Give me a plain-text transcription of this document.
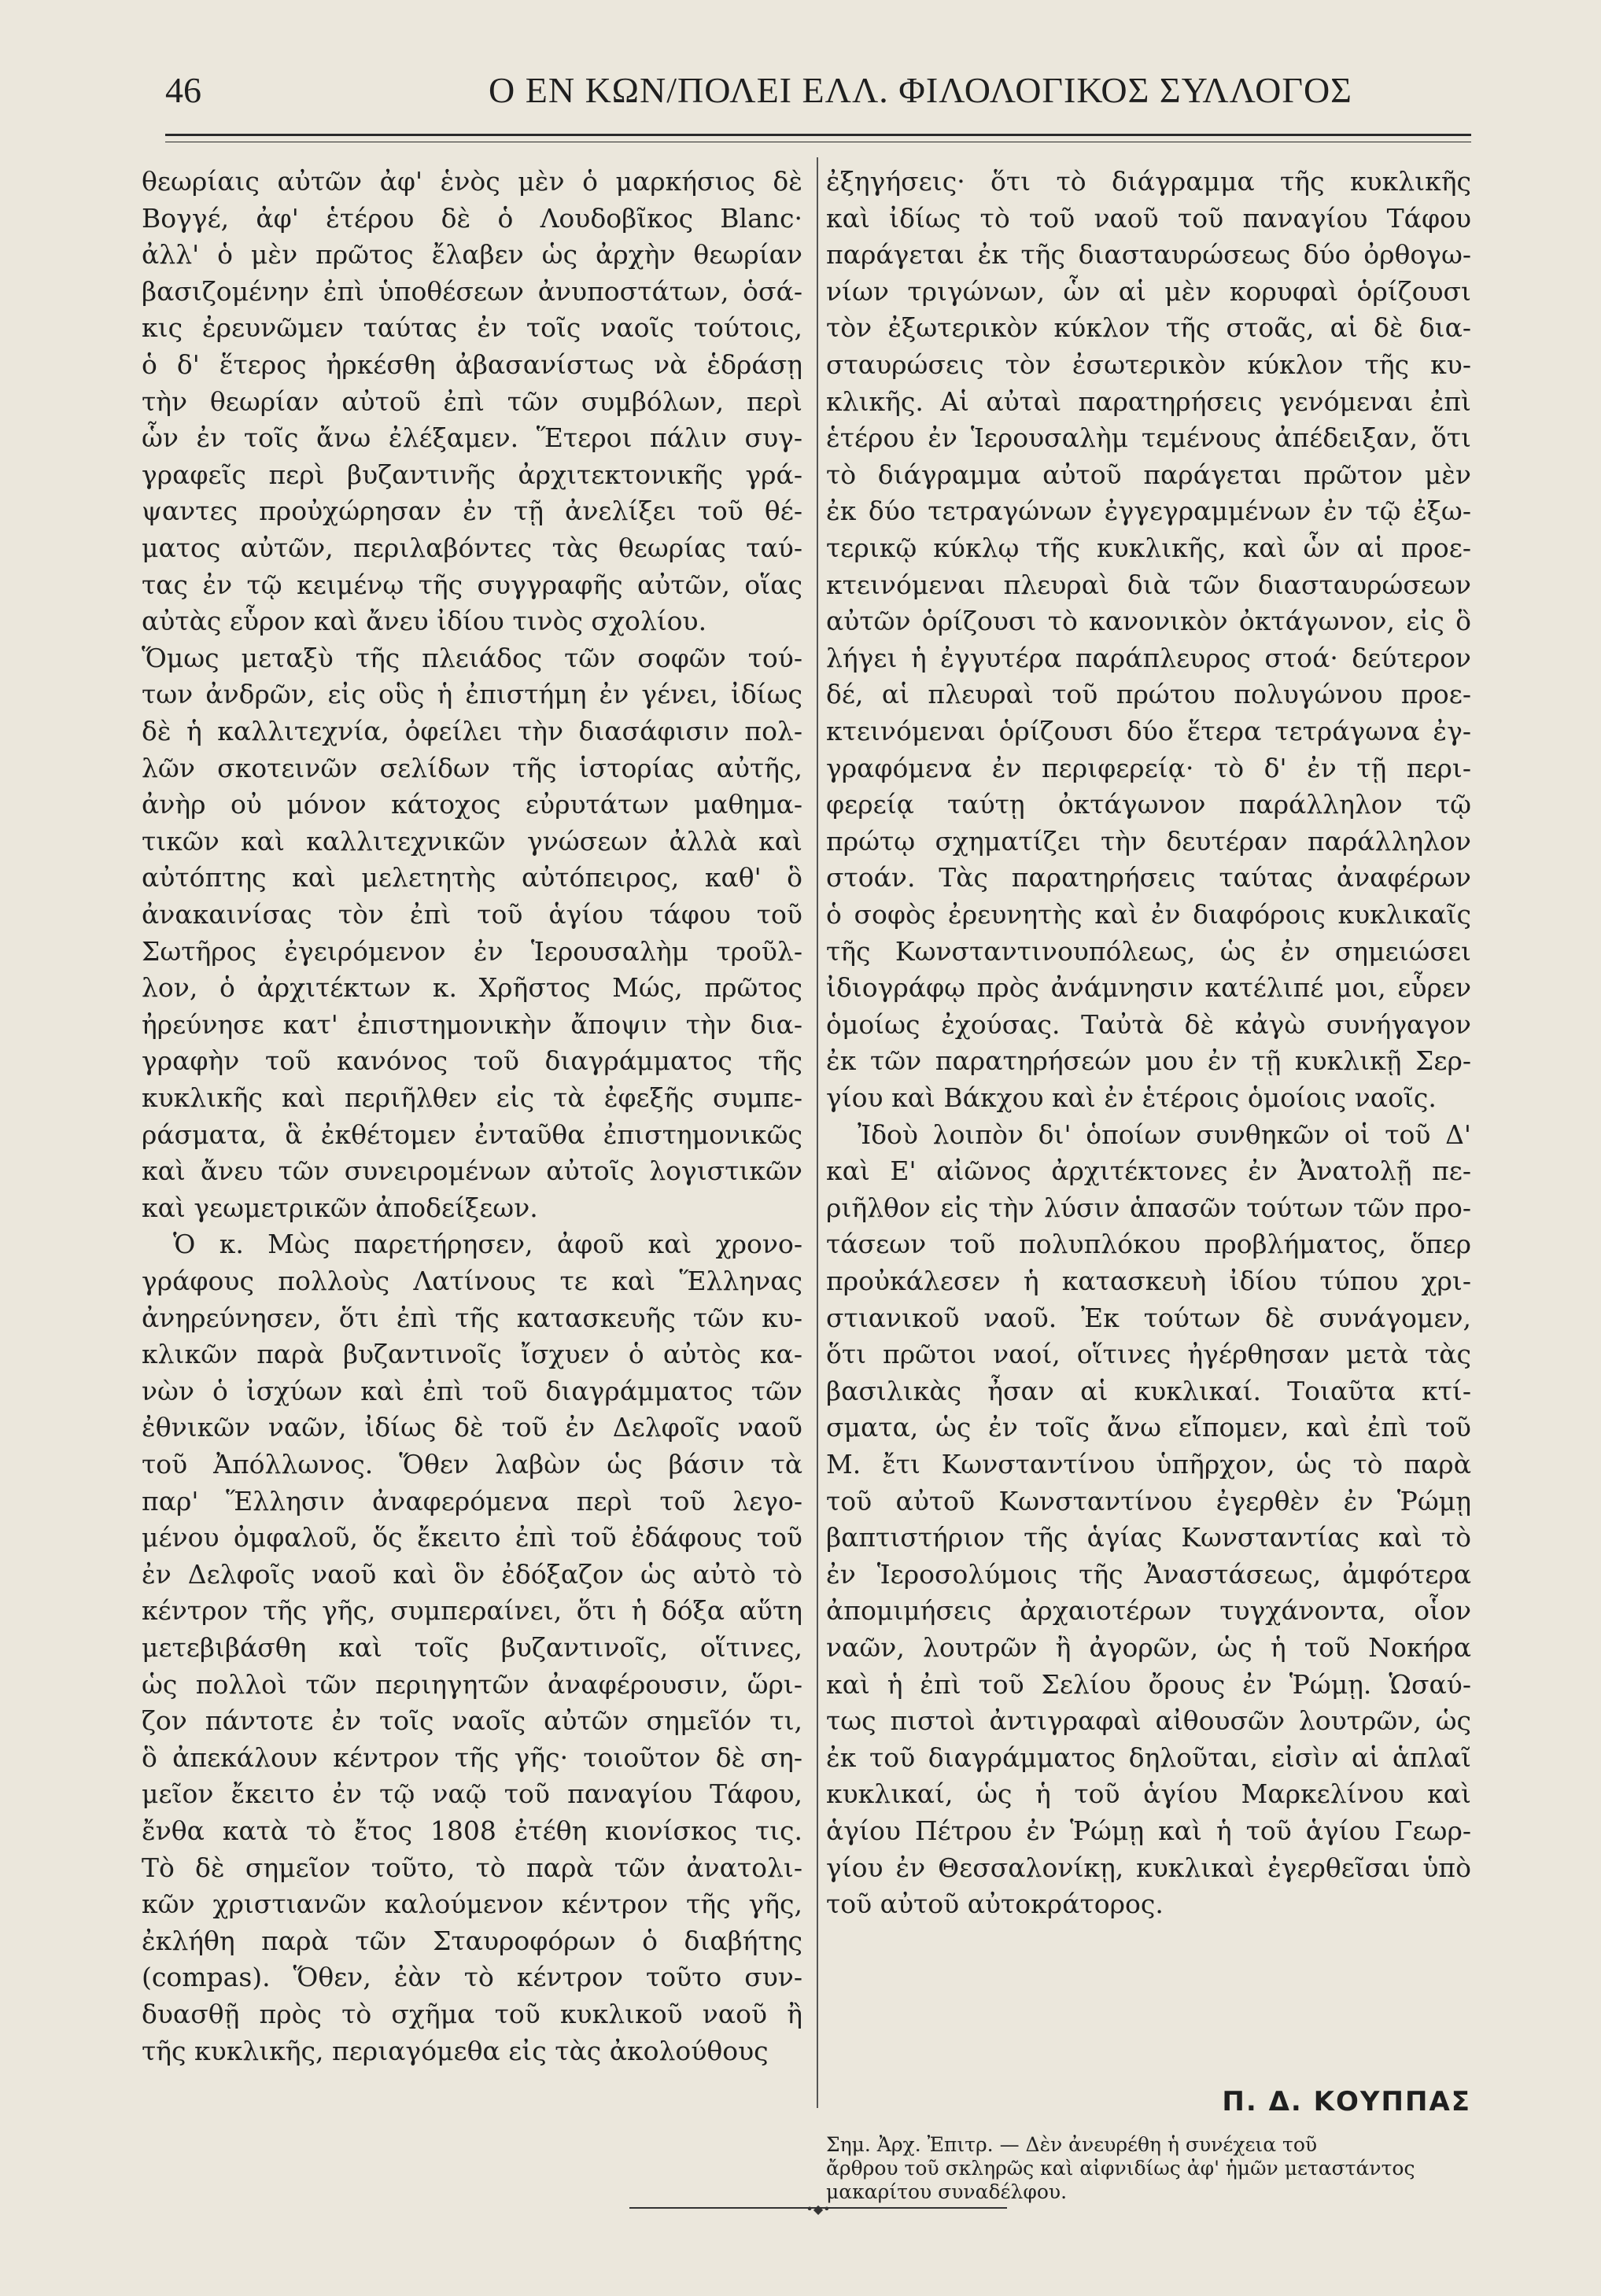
46	Ο ΕΝ ΚΩΝ/ΠΟΛΕΙ ΕΛΛ. ΦΙΛΟΛΟΓΙΚΟΣ ΣΥΛΛΟΓΟΣ
θεωρίαις αὐτῶν ἀφ' ἑνὸς μὲν ὁ μαρκήσιος δὲ
Βογγέ, ἀφ' ἑτέρου δὲ ὁ Λουδοβῖκος Blanc·
ἀλλ' ὁ μὲν πρῶτος ἔλαβεν ὡς ἀρχὴν θεωρίαν
βασιζομένην ἐπὶ ὑποθέσεων ἀνυποστάτων, ὁσά-
κις ἐρευνῶμεν ταύτας ἐν τοῖς ναοῖς τούτοις,
ὁ δ' ἕτερος ἠρκέσθη ἀβασανίστως νὰ ἑδράσῃ
τὴν θεωρίαν αὐτοῦ ἐπὶ τῶν συμβόλων, περὶ
ὧν ἐν τοῖς ἄνω ἐλέξαμεν. Ἕτεροι πάλιν συγ-
γραφεῖς περὶ βυζαντινῆς ἀρχιτεκτονικῆς γρά-
ψαντες προὐχώρησαν ἐν τῇ ἀνελίξει τοῦ θέ-
ματος αὐτῶν, περιλαβόντες τὰς θεωρίας ταύ-
τας ἐν τῷ κειμένῳ τῆς συγγραφῆς αὐτῶν, οἵας
αὐτὰς εὗρον καὶ ἄνευ ἰδίου τινὸς σχολίου.
Ὅμως μεταξὺ τῆς πλειάδος τῶν σοφῶν τού-
των ἀνδρῶν, εἰς οὓς ἡ ἐπιστήμη ἐν γένει, ἰδίως
δὲ ἡ καλλιτεχνία, ὀφείλει τὴν διασάφισιν πολ-
λῶν σκοτεινῶν σελίδων τῆς ἱστορίας αὐτῆς,
ἀνὴρ οὐ μόνον κάτοχος εὐρυτάτων μαθημα-
τικῶν καὶ καλλιτεχνικῶν γνώσεων ἀλλὰ καὶ
αὐτόπτης καὶ μελετητὴς αὐτόπειρος, καθ' ὃ
ἀνακαινίσας τὸν ἐπὶ τοῦ ἁγίου τάφου τοῦ
Σωτῆρος ἐγειρόμενον ἐν Ἱερουσαλὴμ τροῦλ-
λον, ὁ ἀρχιτέκτων κ. Χρῆστος Μώς, πρῶτος
ἠρεύνησε κατ' ἐπιστημονικὴν ἄποψιν τὴν δια-
γραφὴν τοῦ κανόνος τοῦ διαγράμματος τῆς
κυκλικῆς καὶ περιῆλθεν εἰς τὰ ἐφεξῆς συμπε-
ράσματα, ἃ ἐκθέτομεν ἐνταῦθα ἐπιστημονικῶς
καὶ ἄνευ τῶν συνειρομένων αὐτοῖς λογιστικῶν
καὶ γεωμετρικῶν ἀποδείξεων.
Ὁ κ. Μὼς παρετήρησεν, ἀφοῦ καὶ χρονο-
γράφους πολλοὺς Λατίνους τε καὶ Ἕλληνας
ἀνηρεύνησεν, ὅτι ἐπὶ τῆς κατασκευῆς τῶν κυ-
κλικῶν παρὰ βυζαντινοῖς ἴσχυεν ὁ αὐτὸς κα-
νὼν ὁ ἰσχύων καὶ ἐπὶ τοῦ διαγράμματος τῶν
ἐθνικῶν ναῶν, ἰδίως δὲ τοῦ ἐν Δελφοῖς ναοῦ
τοῦ Ἀπόλλωνος. Ὅθεν λαβὼν ὡς βάσιν τὰ
παρ' Ἕλλησιν ἀναφερόμενα περὶ τοῦ λεγο-
μένου ὀμφαλοῦ, ὅς ἔκειτο ἐπὶ τοῦ ἐδάφους τοῦ
ἐν Δελφοῖς ναοῦ καὶ ὃν ἐδόξαζον ὡς αὐτὸ τὸ
κέντρον τῆς γῆς, συμπεραίνει, ὅτι ἡ δόξα αὕτη
μετεβιβάσθη καὶ τοῖς βυζαντινοῖς, οἵτινες,
ὡς πολλοὶ τῶν περιηγητῶν ἀναφέρουσιν, ὥρι-
ζον πάντοτε ἐν τοῖς ναοῖς αὐτῶν σημεῖόν τι,
ὃ ἀπεκάλουν κέντρον τῆς γῆς· τοιοῦτον δὲ ση-
μεῖον ἔκειτο ἐν τῷ ναῷ τοῦ παναγίου Τάφου,
ἔνθα κατὰ τὸ ἔτος 1808 ἐτέθη κιονίσκος τις.
Τὸ δὲ σημεῖον τοῦτο, τὸ παρὰ τῶν ἀνατολι-
κῶν χριστιανῶν καλούμενον κέντρον τῆς γῆς,
ἐκλήθη παρὰ τῶν Σταυροφόρων ὁ διαβήτης
(compas). Ὅθεν, ἐὰν τὸ κέντρον τοῦτο συν-
δυασθῇ πρὸς τὸ σχῆμα τοῦ κυκλικοῦ ναοῦ ἢ
τῆς κυκλικῆς, περιαγόμεθα εἰς τὰς ἀκολούθους
ἐξηγήσεις· ὅτι τὸ διάγραμμα τῆς κυκλικῆς
καὶ ἰδίως τὸ τοῦ ναοῦ τοῦ παναγίου Τάφου
παράγεται ἐκ τῆς διασταυρώσεως δύο ὀρθογω-
νίων τριγώνων, ὧν αἱ μὲν κορυφαὶ ὁρίζουσι
τὸν ἐξωτερικὸν κύκλον τῆς στοᾶς, αἱ δὲ δια-
σταυρώσεις τὸν ἐσωτερικὸν κύκλον τῆς κυ-
κλικῆς. Αἱ αὐταὶ παρατηρήσεις γενόμεναι ἐπὶ
ἑτέρου ἐν Ἱερουσαλὴμ τεμένους ἀπέδειξαν, ὅτι
τὸ διάγραμμα αὐτοῦ παράγεται πρῶτον μὲν
ἐκ δύο τετραγώνων ἐγγεγραμμένων ἐν τῷ ἐξω-
τερικῷ κύκλῳ τῆς κυκλικῆς, καὶ ὧν αἱ προε-
κτεινόμεναι πλευραὶ διὰ τῶν διασταυρώσεων
αὐτῶν ὁρίζουσι τὸ κανονικὸν ὀκτάγωνον, εἰς ὃ
λήγει ἡ ἐγγυτέρα παράπλευρος στοά· δεύτερον
δέ, αἱ πλευραὶ τοῦ πρώτου πολυγώνου προε-
κτεινόμεναι ὁρίζουσι δύο ἕτερα τετράγωνα ἐγ-
γραφόμενα ἐν περιφερείᾳ· τὸ δ' ἐν τῇ περι-
φερείᾳ ταύτῃ ὀκτάγωνον παράλληλον τῷ
πρώτῳ σχηματίζει τὴν δευτέραν παράλληλον
στοάν. Τὰς παρατηρήσεις ταύτας ἀναφέρων
ὁ σοφὸς ἐρευνητὴς καὶ ἐν διαφόροις κυκλικαῖς
τῆς Κωνσταντινουπόλεως, ὡς ἐν σημειώσει
ἰδιογράφῳ πρὸς ἀνάμνησιν κατέλιπέ μοι, εὗρεν
ὁμοίως ἐχούσας. Ταὐτὰ δὲ κἀγὼ συνήγαγον
ἐκ τῶν παρατηρήσεών μου ἐν τῇ κυκλικῇ Σερ-
γίου καὶ Βάκχου καὶ ἐν ἑτέροις ὁμοίοις ναοῖς.
Ἰδοὺ λοιπὸν δι' ὁποίων συνθηκῶν οἱ τοῦ Δ'
καὶ Ε' αἰῶνος ἀρχιτέκτονες ἐν Ἀνατολῇ πε-
ριῆλθον εἰς τὴν λύσιν ἁπασῶν τούτων τῶν προ-
τάσεων τοῦ πολυπλόκου προβλήματος, ὅπερ
προὐκάλεσεν ἡ κατασκευὴ ἰδίου τύπου χρι-
στιανικοῦ ναοῦ. Ἐκ τούτων δὲ συνάγομεν,
ὅτι πρῶτοι ναοί, οἵτινες ἠγέρθησαν μετὰ τὰς
βασιλικὰς ἦσαν αἱ κυκλικαί. Τοιαῦτα κτί-
σματα, ὡς ἐν τοῖς ἄνω εἴπομεν, καὶ ἐπὶ τοῦ
Μ. ἔτι Κωνσταντίνου ὑπῆρχον, ὡς τὸ παρὰ
τοῦ αὐτοῦ Κωνσταντίνου ἐγερθὲν ἐν Ῥώμῃ
βαπτιστήριον τῆς ἁγίας Κωνσταντίας καὶ τὸ
ἐν Ἱεροσολύμοις τῆς Ἀναστάσεως, ἀμφότερα
ἀπομιμήσεις ἀρχαιοτέρων τυγχάνοντα, οἷον
ναῶν, λουτρῶν ἢ ἀγορῶν, ὡς ἡ τοῦ Νοκήρα
καὶ ἡ ἐπὶ τοῦ Σελίου ὄρους ἐν Ῥώμῃ. Ὡσαύ-
τως πιστοὶ ἀντιγραφαὶ αἰθουσῶν λουτρῶν, ὡς
ἐκ τοῦ διαγράμματος δηλοῦται, εἰσὶν αἱ ἁπλαῖ
κυκλικαί, ὡς ἡ τοῦ ἁγίου Μαρκελίνου καὶ
ἁγίου Πέτρου ἐν Ῥώμῃ καὶ ἡ τοῦ ἁγίου Γεωρ-
γίου ἐν Θεσσαλονίκῃ, κυκλικαὶ ἐγερθεῖσαι ὑπὸ
τοῦ αὐτοῦ αὐτοκράτορος.
Π. Δ. ΚΟΥΠΠΑΣ
Σημ. Ἀρχ. Ἐπιτρ. — Δὲν ἀνευρέθη ἡ συνέχεια τοῦ
ἄρθρου τοῦ σκληρῶς καὶ αἰφνιδίως ἀφ' ἡμῶν μεταστάντος
μακαρίτου συναδέλφου.
•◆•
